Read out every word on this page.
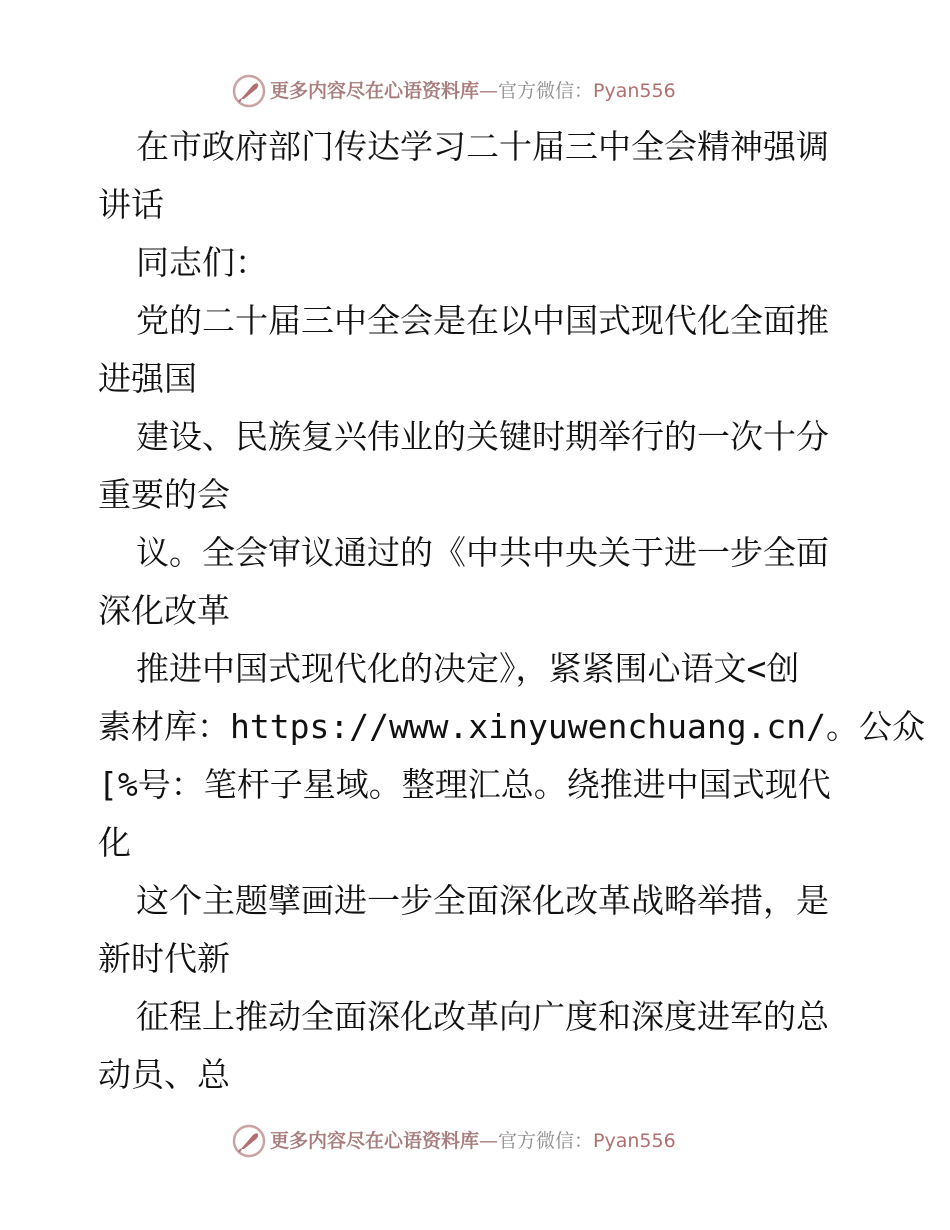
更多内容尽在心语资料库 — 官方微信： Pyan556
在市政府部门传达学习二十届三中全会精神强调
讲话
同志们：
党的二十届三中全会是在以中国式现代化全面推
进强国
建设、民族复兴伟业的关键时期举行的一次十分
重要的会
议。全会审议通过的《中共中央关于进一步全面
深化改革
推进中国式现代化的决定》，紧紧围心语文<创
素材库：https://www.xinyuwenchuang.cn/。公众
[%号：笔杆子星域。整理汇总。绕推进中国式现代
化
这个主题擘画进一步全面深化改革战略举措，是
新时代新
征程上推动全面深化改革向广度和深度进军的总
动员、总
更多内容尽在心语资料库 — 官方微信： Pyan556
